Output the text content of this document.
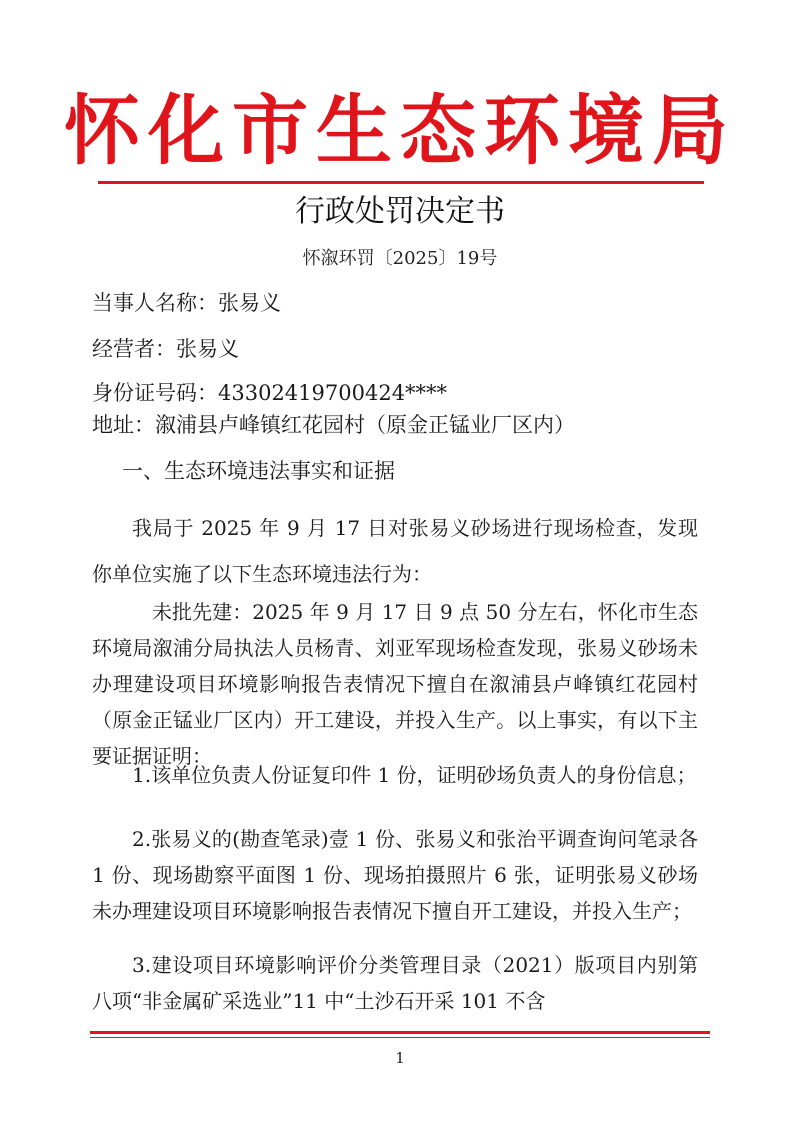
怀化市生态环境局
行政处罚决定书
怀溆环罚〔2025〕19号
当事人名称：张易义
经营者：张易义
身份证号码：43302419700424****
地址：溆浦县卢峰镇红花园村（原金正锰业厂区内）
一、生态环境违法事实和证据
我局于 2025 年 9 月 17 日对张易义砂场进行现场检查，发现你单位实施了以下生态环境违法行为：
未批先建：2025 年 9 月 17 日 9 点 50 分左右，怀化市生态环境局溆浦分局执法人员杨青、刘亚军现场检查发现，张易义砂场未办理建设项目环境影响报告表情况下擅自在溆浦县卢峰镇红花园村（原金正锰业厂区内）开工建设，并投入生产。以上事实，有以下主要证据证明：
1.该单位负责人份证复印件 1 份，证明砂场负责人的身份信息；
2.张易义的(勘查笔录)壹 1 份、张易义和张治平调查询问笔录各 1 份、现场勘察平面图 1 份、现场拍摄照片 6 张，证明张易义砂场未办理建设项目环境影响报告表情况下擅自开工建设，并投入生产；
3.建设项目环境影响评价分类管理目录（2021）版项目内别第八项“非金属矿采选业”11 中“土沙石开采 101 不含
1
